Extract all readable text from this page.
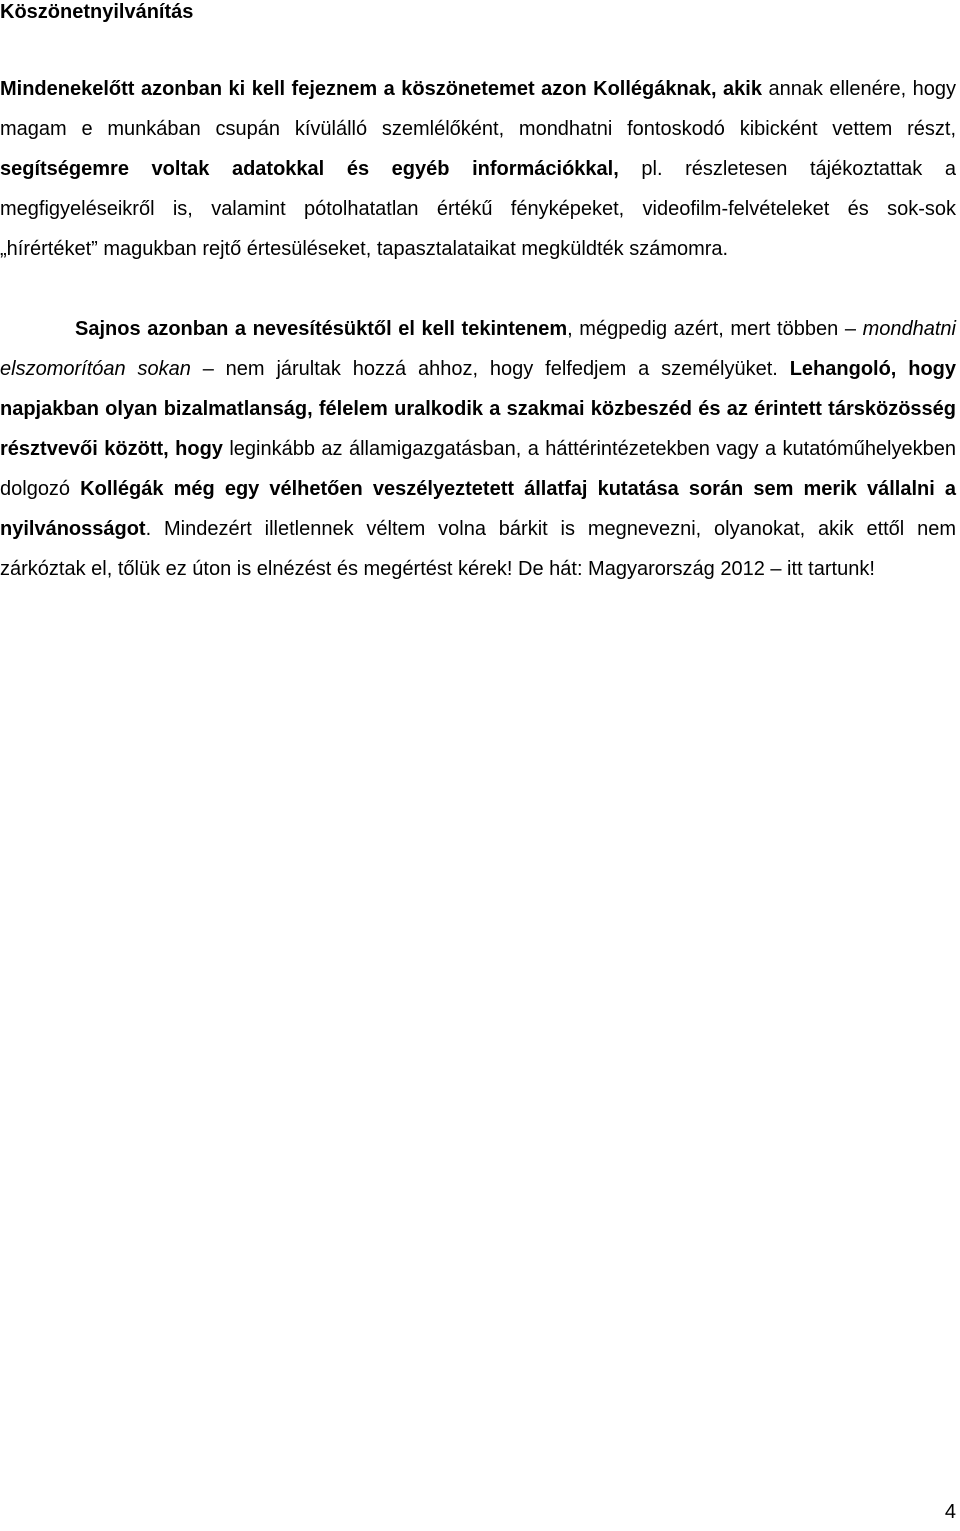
Köszönetnyilvánítás

Mindenekelőtt azonban ki kell fejeznem a köszönetemet azon Kollégáknak, akik annak ellenére, hogy magam e munkában csupán kívülálló szemlélőként, mondhatni fontoskodó kibicként vettem részt, segítségemre voltak adatokkal és egyéb információkkal, pl. részletesen tájékoztattak a megfigyeléseikről is, valamint pótolhatatlan értékű fényképeket, videofilm-felvételeket és sok-sok „hírértéket” magukban rejtő értesüléseket, tapasztalataikat megküldték számomra.

Sajnos azonban a nevesítésüktől el kell tekintenem, mégpedig azért, mert többen – mondhatni elszomorítóan sokan – nem járultak hozzá ahhoz, hogy felfedjem a személyüket. Lehangoló, hogy napjakban olyan bizalmatlanság, félelem uralkodik a szakmai közbeszéd és az érintett társközösség résztvevői között, hogy leginkább az államigazgatásban, a háttérintézetekben vagy a kutatóműhelyekben dolgozó Kollégák még egy vélhetően veszélyeztetett állatfaj kutatása során sem merik vállalni a nyilvánosságot. Mindezért illetlennek véltem volna bárkit is megnevezni, olyanokat, akik ettől nem zárkóztak el, tőlük ez úton is elnézést és megértést kérek! De hát: Magyarország 2012 – itt tartunk!

4
